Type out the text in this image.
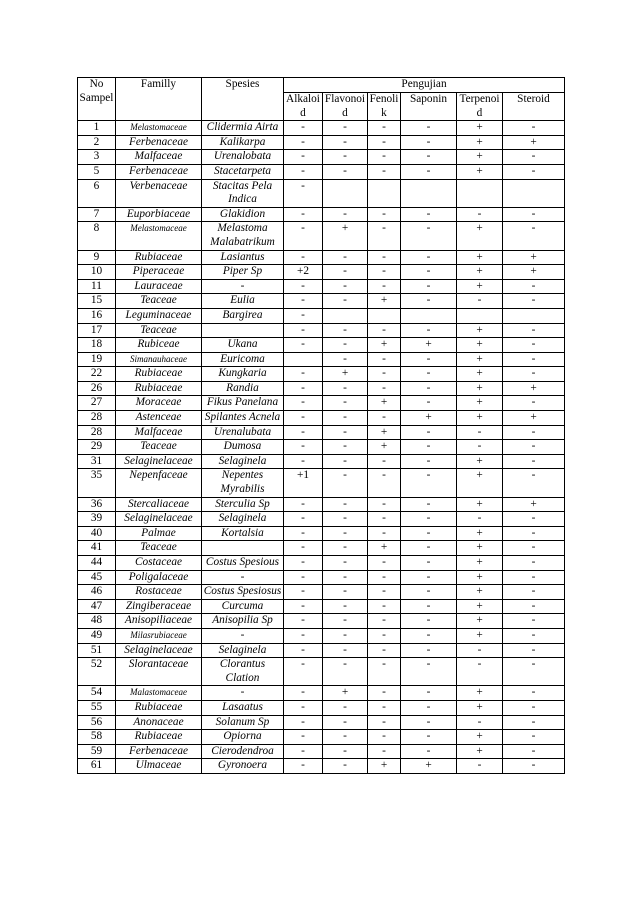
No Sampel	Familly	Spesies	Pengujian					
			Alkaloid	Flavonoid	Fenolik	Saponin	Terpenoid	Steroid
1	Melastomaceae	Clidermia Airta	-	-	-	-	+	-
2	Ferbenaceae	Kalikarpa	-	-	-	-	+	+
3	Malfaceae	Urenalobata	-	-	-	-	+	-
5	Ferbenaceae	Stacetarpeta	-	-	-	-	+	-
6	Verbenaceae	Stacitas Pela Indica	-					
7	Euporbiaceae	Glakidion	-	-	-	-	-	-
8	Melastomaceae	Melastoma Malabatrikum	-	+	-	-	+	-
9	Rubiaceae	Lasiantus	-	-	-	-	+	+
10	Piperaceae	Piper Sp	+2	-	-	-	+	+
11	Lauraceae	-	-	-	-	-	+	-
15	Teaceae	Eulia	-	-	+	-	-	-
16	Leguminaceae	Bargirea	-					
17	Teaceae		-	-	-	-	+	-
18	Rubiceae	Ukana	-	-	+	+	+	-
19	Simanauhaceae	Euricoma		-	-	-	+	-
22	Rubiaceae	Kungkaria	-	+	-	-	+	-
26	Rubiaceae	Randia	-	-	-	-	+	+
27	Moraceae	Fikus Panelana	-	-	+	-	+	-
28	Astenceae	Spilantes Acnela	-	-	-	+	+	+
28	Malfaceae	Urenalubata	-	-	+	-	-	-
29	Teaceae	Dumosa	-	-	+	-	-	-
31	Selaginelaceae	Selaginela	-	-	-	-	+	-
35	Nepenfaceae	Nepentes Myrabilis	+1	-	-	-	+	-
36	Stercaliaceae	Sterculia Sp	-	-	-	-	+	+
39	Selaginelaceae	Selaginela	-	-	-	-	-	-
40	Palmae	Kortalsia	-	-	-	-	+	-
41	Teaceae		-	-	+	-	+	-
44	Costaceae	Costus Spesious	-	-	-	-	+	-
45	Poligalaceae	-	-	-	-	-	+	-
46	Rostaceae	Costus Spesiosus	-	-	-	-	+	-
47	Zingiberaceae	Curcuma	-	-	-	-	+	-
48	Anisopiliaceae	Anisopilia Sp	-	-	-	-	+	-
49	Milasrubiaceae	-	-	-	-	-	+	-
51	Selaginelaceae	Selaginela	-	-	-	-	-	-
52	Slorantaceae	Clorantus Clation	-	-	-	-	-	-
54	Malastomaceae	-	-	+	-	-	+	-
55	Rubiaceae	Lasaatus	-	-	-	-	+	-
56	Anonaceae	Solanum Sp	-	-	-	-	-	-
58	Rubiaceae	Opiorna	-	-	-	-	+	-
59	Ferbenaceae	Cierodendroa	-	-	-	-	+	-
61	Ulmaceae	Gyronoera	-	-	+	+	-	-
